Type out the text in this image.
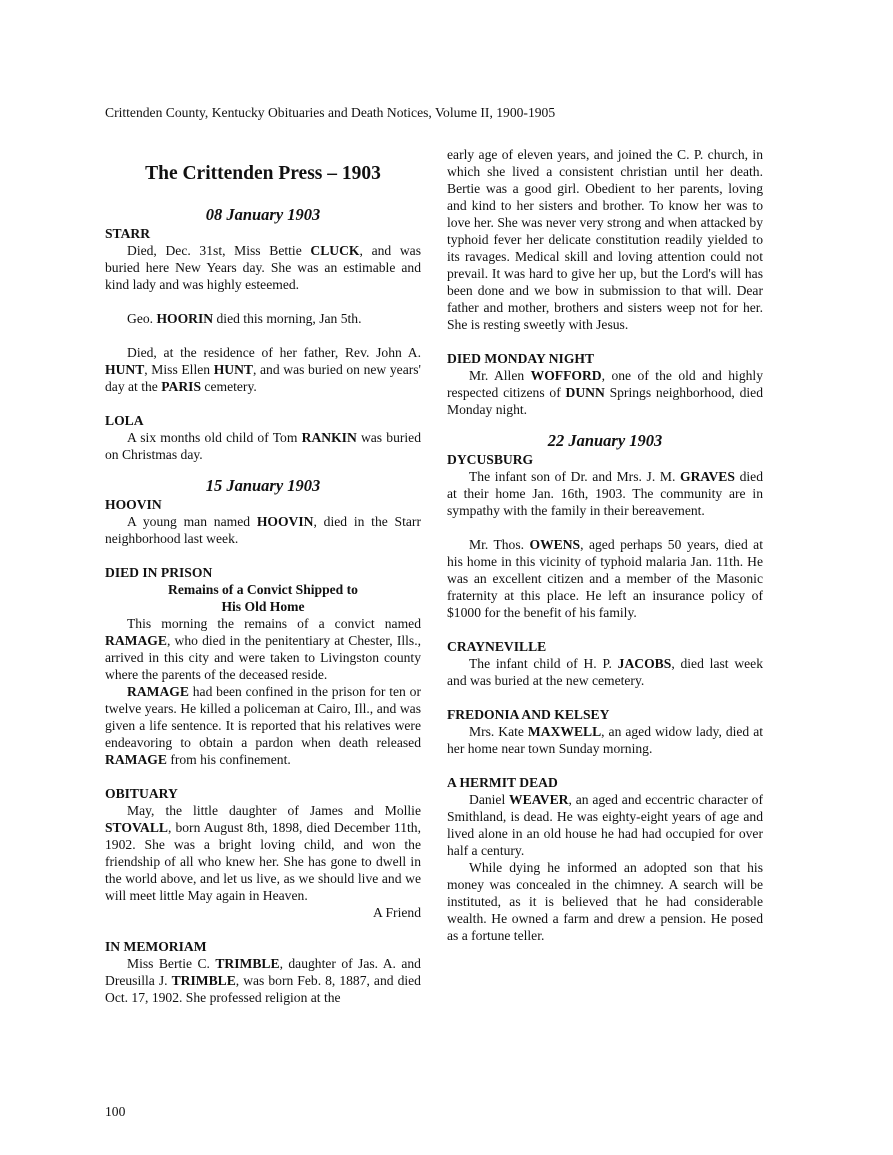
Crittenden County, Kentucky Obituaries and Death Notices, Volume II, 1900-1905
The Crittenden Press – 1903
08 January 1903
STARR

Died, Dec. 31st, Miss Bettie CLUCK, and was buried here New Years day. She was an estimable and kind lady and was highly esteemed.

Geo. HOORIN died this morning, Jan 5th.

Died, at the residence of her father, Rev. John A. HUNT, Miss Ellen HUNT, and was buried on new years' day at the PARIS cemetery.

LOLA

A six months old child of Tom RANKIN was buried on Christmas day.

15 January 1903
HOOVIN

A young man named HOOVIN, died in the Starr neighborhood last week.

DIED IN PRISON
Remains of a Convict Shipped to
His Old Home

This morning the remains of a convict named RAMAGE, who died in the penitentiary at Chester, Ills., arrived in this city and were taken to Livingston county where the parents of the deceased reside.

RAMAGE had been confined in the prison for ten or twelve years. He killed a policeman at Cairo, Ill., and was given a life sentence. It is reported that his relatives were endeavoring to obtain a pardon when death released RAMAGE from his confinement.

OBITUARY

May, the little daughter of James and Mollie STOVALL, born August 8th, 1898, died December 11th, 1902. She was a bright loving child, and won the friendship of all who knew her. She has gone to dwell in the world above, and let us live, as we should live and we will meet little May again in Heaven.

A Friend
IN MEMORIAM

Miss Bertie C. TRIMBLE, daughter of Jas. A. and Dreusilla J. TRIMBLE, was born Feb. 8, 1887, and died Oct. 17, 1902. She professed religion at the

early age of eleven years, and joined the C. P. church, in which she lived a consistent christian until her death. Bertie was a good girl. Obedient to her parents, loving and kind to her sisters and brother. To know her was to love her. She was never very strong and when attacked by typhoid fever her delicate constitution readily yielded to its ravages. Medical skill and loving attention could not prevail. It was hard to give her up, but the Lord's will has been done and we bow in submission to that will. Dear father and mother, brothers and sisters weep not for her. She is resting sweetly with Jesus.

DIED MONDAY NIGHT

Mr. Allen WOFFORD, one of the old and highly respected citizens of DUNN Springs neighborhood, died Monday night.

22 January 1903
DYCUSBURG

The infant son of Dr. and Mrs. J. M. GRAVES died at their home Jan. 16th, 1903. The community are in sympathy with the family in their bereavement.

Mr. Thos. OWENS, aged perhaps 50 years, died at his home in this vicinity of typhoid malaria Jan. 11th. He was an excellent citizen and a member of the Masonic fraternity at this place. He left an insurance policy of $1000 for the benefit of his family.

CRAYNEVILLE

The infant child of H. P. JACOBS, died last week and was buried at the new cemetery.

FREDONIA AND KELSEY

Mrs. Kate MAXWELL, an aged widow lady, died at her home near town Sunday morning.

A HERMIT DEAD

Daniel WEAVER, an aged and eccentric character of Smithland, is dead. He was eighty-eight years of age and lived alone in an old house he had had occupied for over half a century.

While dying he informed an adopted son that his money was concealed in the chimney. A search will be instituted, as it is believed that he had considerable wealth. He owned a farm and drew a pension. He posed as a fortune teller.

100
